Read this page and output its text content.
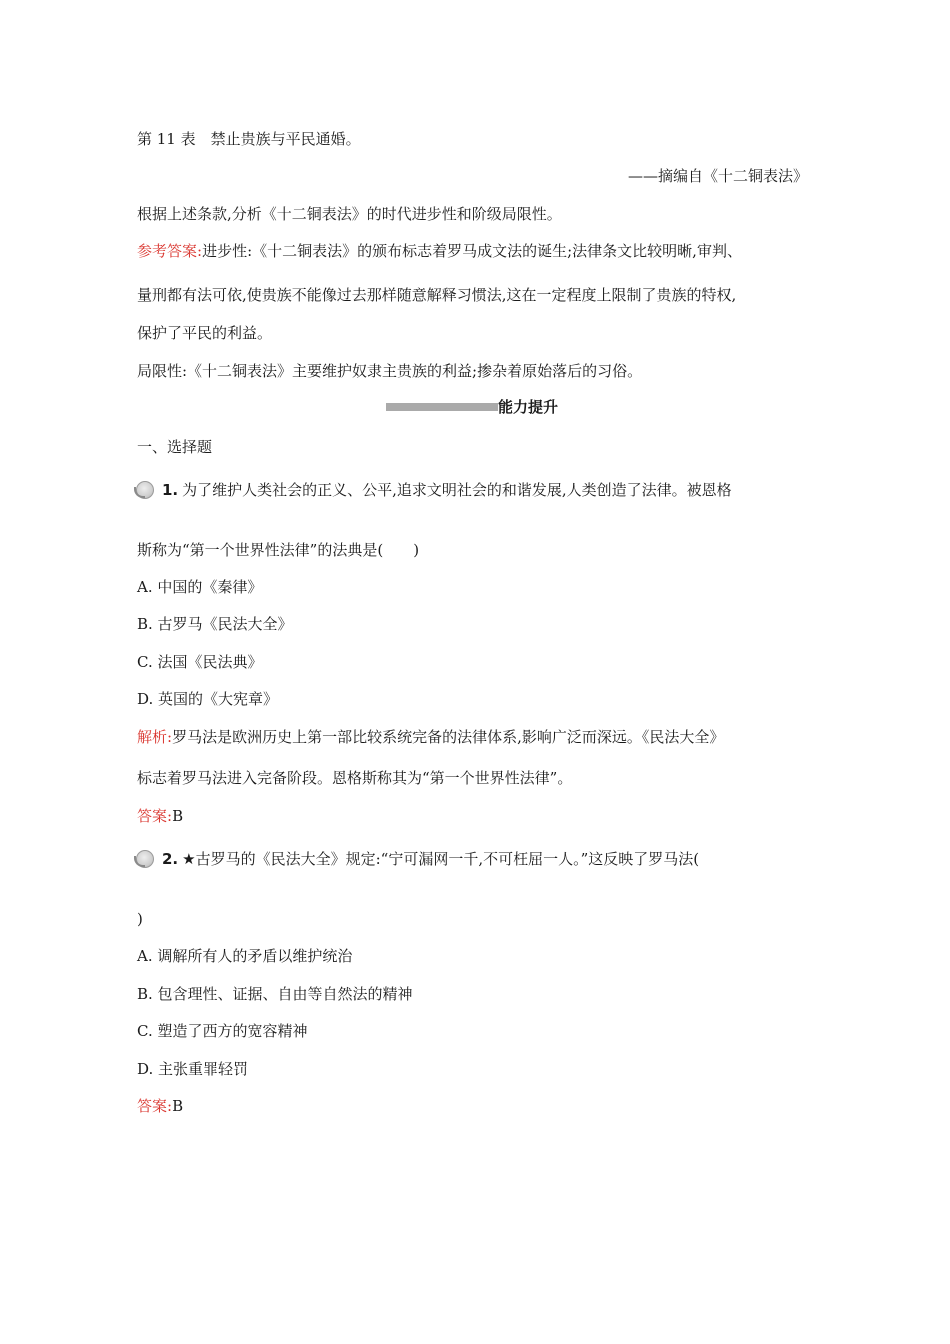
第 11 表　禁止贵族与平民通婚。
——摘编自《十二铜表法》
根据上述条款,分析《十二铜表法》的时代进步性和阶级局限性。
参考答案:进步性:《十二铜表法》的颁布标志着罗马成文法的诞生;法律条文比较明晰,审判、
量刑都有法可依,使贵族不能像过去那样随意解释习惯法,这在一定程度上限制了贵族的特权,
保护了平民的利益。
局限性:《十二铜表法》主要维护奴隶主贵族的利益;掺杂着原始落后的习俗。
能力提升
一、选择题
1. 为了维护人类社会的正义、公平,追求文明社会的和谐发展,人类创造了法律。被恩格
斯称为“第一个世界性法律”的法典是(　　)
A. 中国的《秦律》
B. 古罗马《民法大全》
C. 法国《民法典》
D. 英国的《大宪章》
解析:罗马法是欧洲历史上第一部比较系统完备的法律体系,影响广泛而深远。《民法大全》
标志着罗马法进入完备阶段。恩格斯称其为“第一个世界性法律”。
答案:B
2. ★ 古罗马的《民法大全》规定:“宁可漏网一千,不可枉屈一人。”这反映了罗马法(
)
A. 调解所有人的矛盾以维护统治
B. 包含理性、证据、自由等自然法的精神
C. 塑造了西方的宽容精神
D. 主张重罪轻罚
答案:B
